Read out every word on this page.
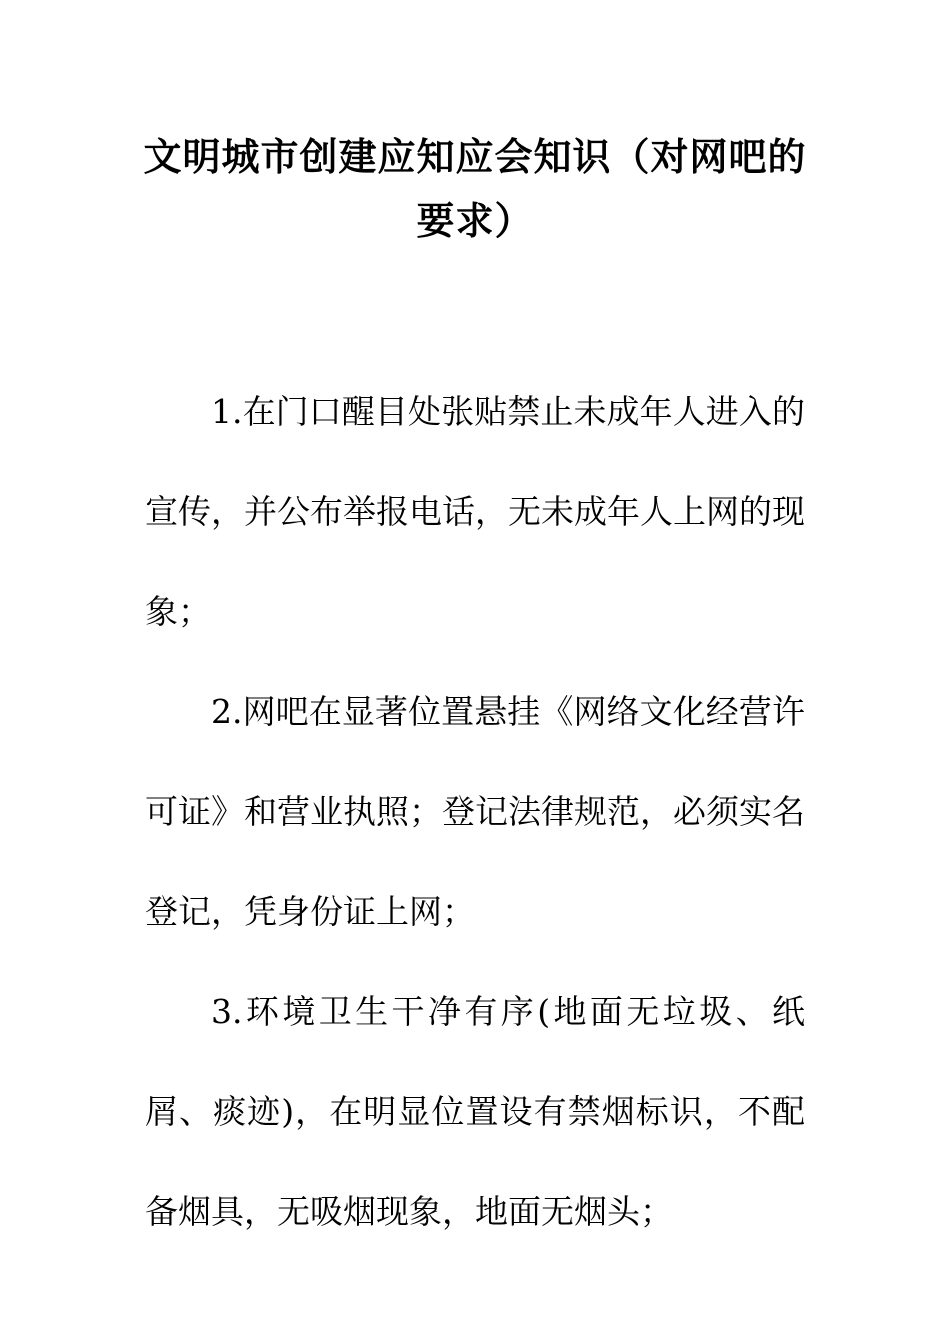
文明城市创建应知应会知识（对网吧的要求）

1.在门口醒目处张贴禁止未成年人进入的宣传，并公布举报电话，无未成年人上网的现象；

2.网吧在显著位置悬挂《网络文化经营许可证》和营业执照；登记法律规范，必须实名登记，凭身份证上网；

3.环境卫生干净有序(地面无垃圾、纸屑、痰迹)，在明显位置设有禁烟标识，不配备烟具，无吸烟现象，地面无烟头；
